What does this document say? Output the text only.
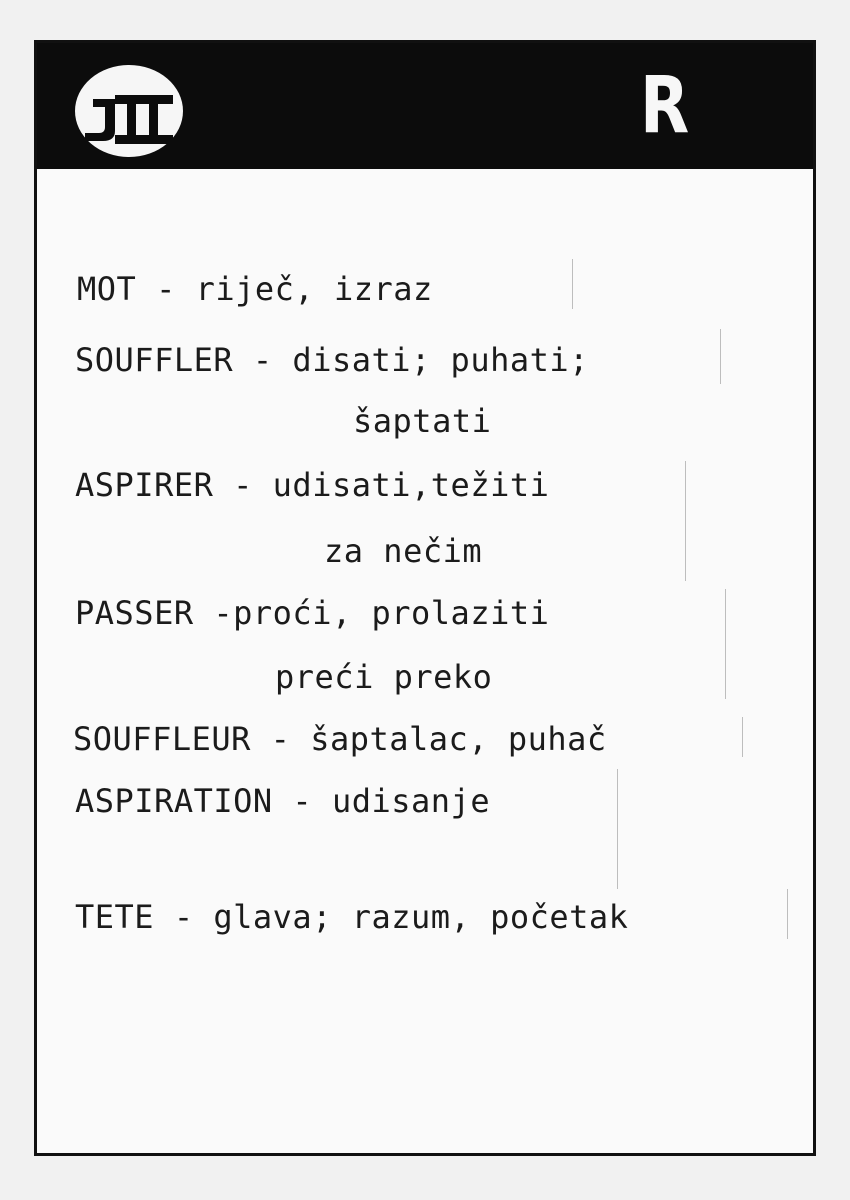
R
MOT - riječ, izraz
SOUFFLER - disati; puhati;
šaptati
ASPIRER - udisati,težiti
za nečim
PASSER -proći, prolaziti
preći preko
SOUFFLEUR - šaptalac, puhač
ASPIRATION - udisanje
TETE - glava; razum, početak
